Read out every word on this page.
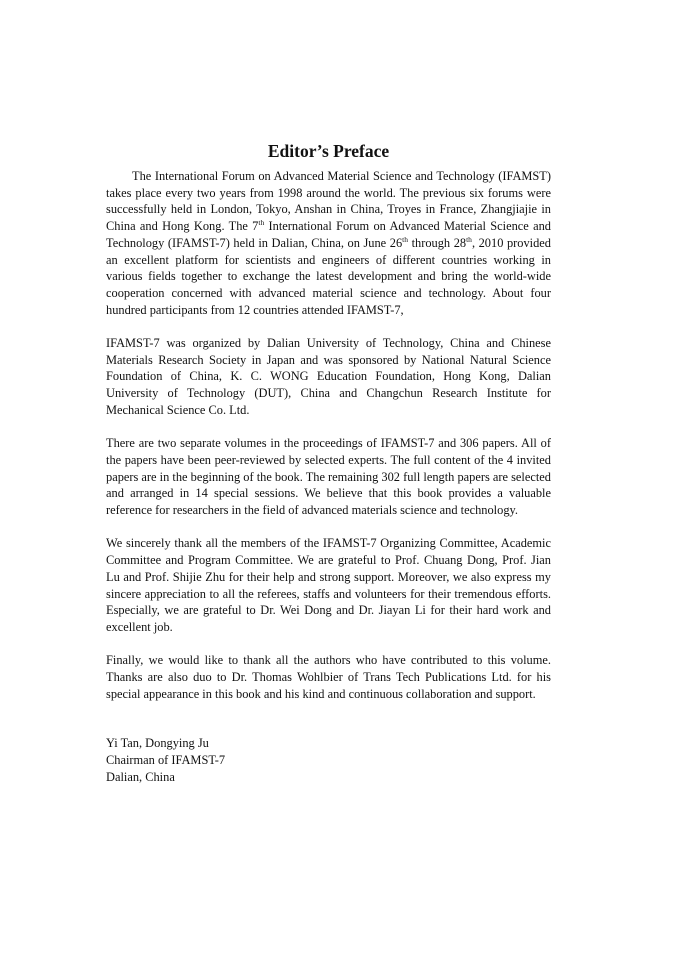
Editor’s Preface

The International Forum on Advanced Material Science and Technology (IFAMST) takes place every two years from 1998 around the world. The previous six forums were successfully held in London, Tokyo, Anshan in China, Troyes in France, Zhangjiajie in China and Hong Kong. The 7th International Forum on Advanced Material Science and Technology (IFAMST-7) held in Dalian, China, on June 26th through 28th, 2010 provided an excellent platform for scientists and engineers of different countries working in various fields together to exchange the latest development and bring the world-wide cooperation concerned with advanced material science and technology. About four hundred participants from 12 countries attended IFAMST-7,

IFAMST-7 was organized by Dalian University of Technology, China and Chinese Materials Research Society in Japan and was sponsored by National Natural Science Foundation of China, K. C. WONG Education Foundation, Hong Kong, Dalian University of Technology (DUT), China and Changchun Research Institute for Mechanical Science Co. Ltd.

There are two separate volumes in the proceedings of IFAMST-7 and 306 papers. All of the papers have been peer-reviewed by selected experts. The full content of the 4 invited papers are in the beginning of the book. The remaining 302 full length papers are selected and arranged in 14 special sessions. We believe that this book provides a valuable reference for researchers in the field of advanced materials science and technology.

We sincerely thank all the members of the IFAMST-7 Organizing Committee, Academic Committee and Program Committee. We are grateful to Prof. Chuang Dong, Prof. Jian Lu and Prof. Shijie Zhu for their help and strong support. Moreover, we also express my sincere appreciation to all the referees, staffs and volunteers for their tremendous efforts. Especially, we are grateful to Dr. Wei Dong and Dr. Jiayan Li for their hard work and excellent job.

Finally, we would like to thank all the authors who have contributed to this volume. Thanks are also duo to Dr. Thomas Wohlbier of Trans Tech Publications Ltd. for his special appearance in this book and his kind and continuous collaboration and support.

Yi Tan, Dongying Ju
Chairman of IFAMST-7
Dalian, China
